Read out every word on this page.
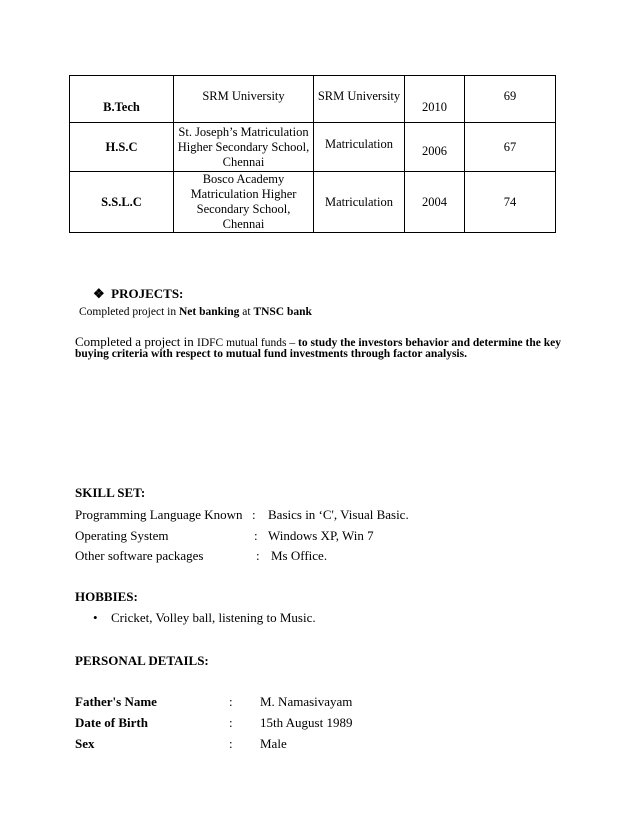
B.Tech	SRM University	SRM University	2010	69
H.S.C	St. Joseph’s Matriculation
Higher Secondary School,
Chennai	Matriculation	2006	67
S.S.L.C	Bosco Academy
Matriculation Higher
Secondary School, Chennai	Matriculation	2004	74
❖ PROJECTS:
Completed project in Net banking at TNSC bank
Completed a project in IDFC mutual funds – to study the investors behavior and determine the key
buying criteria with respect to mutual fund investments through factor analysis.
SKILL SET:
Programming Language Known : Basics in ‘C', Visual Basic.
Operating System	: Windows XP, Win 7
Other software packages	: Ms Office.
HOBBIES:
• Cricket, Volley ball, listening to Music.
PERSONAL DETAILS:
Father's Name	: M. Namasivayam
Date of Birth	: 15th August 1989
Sex	: Male
